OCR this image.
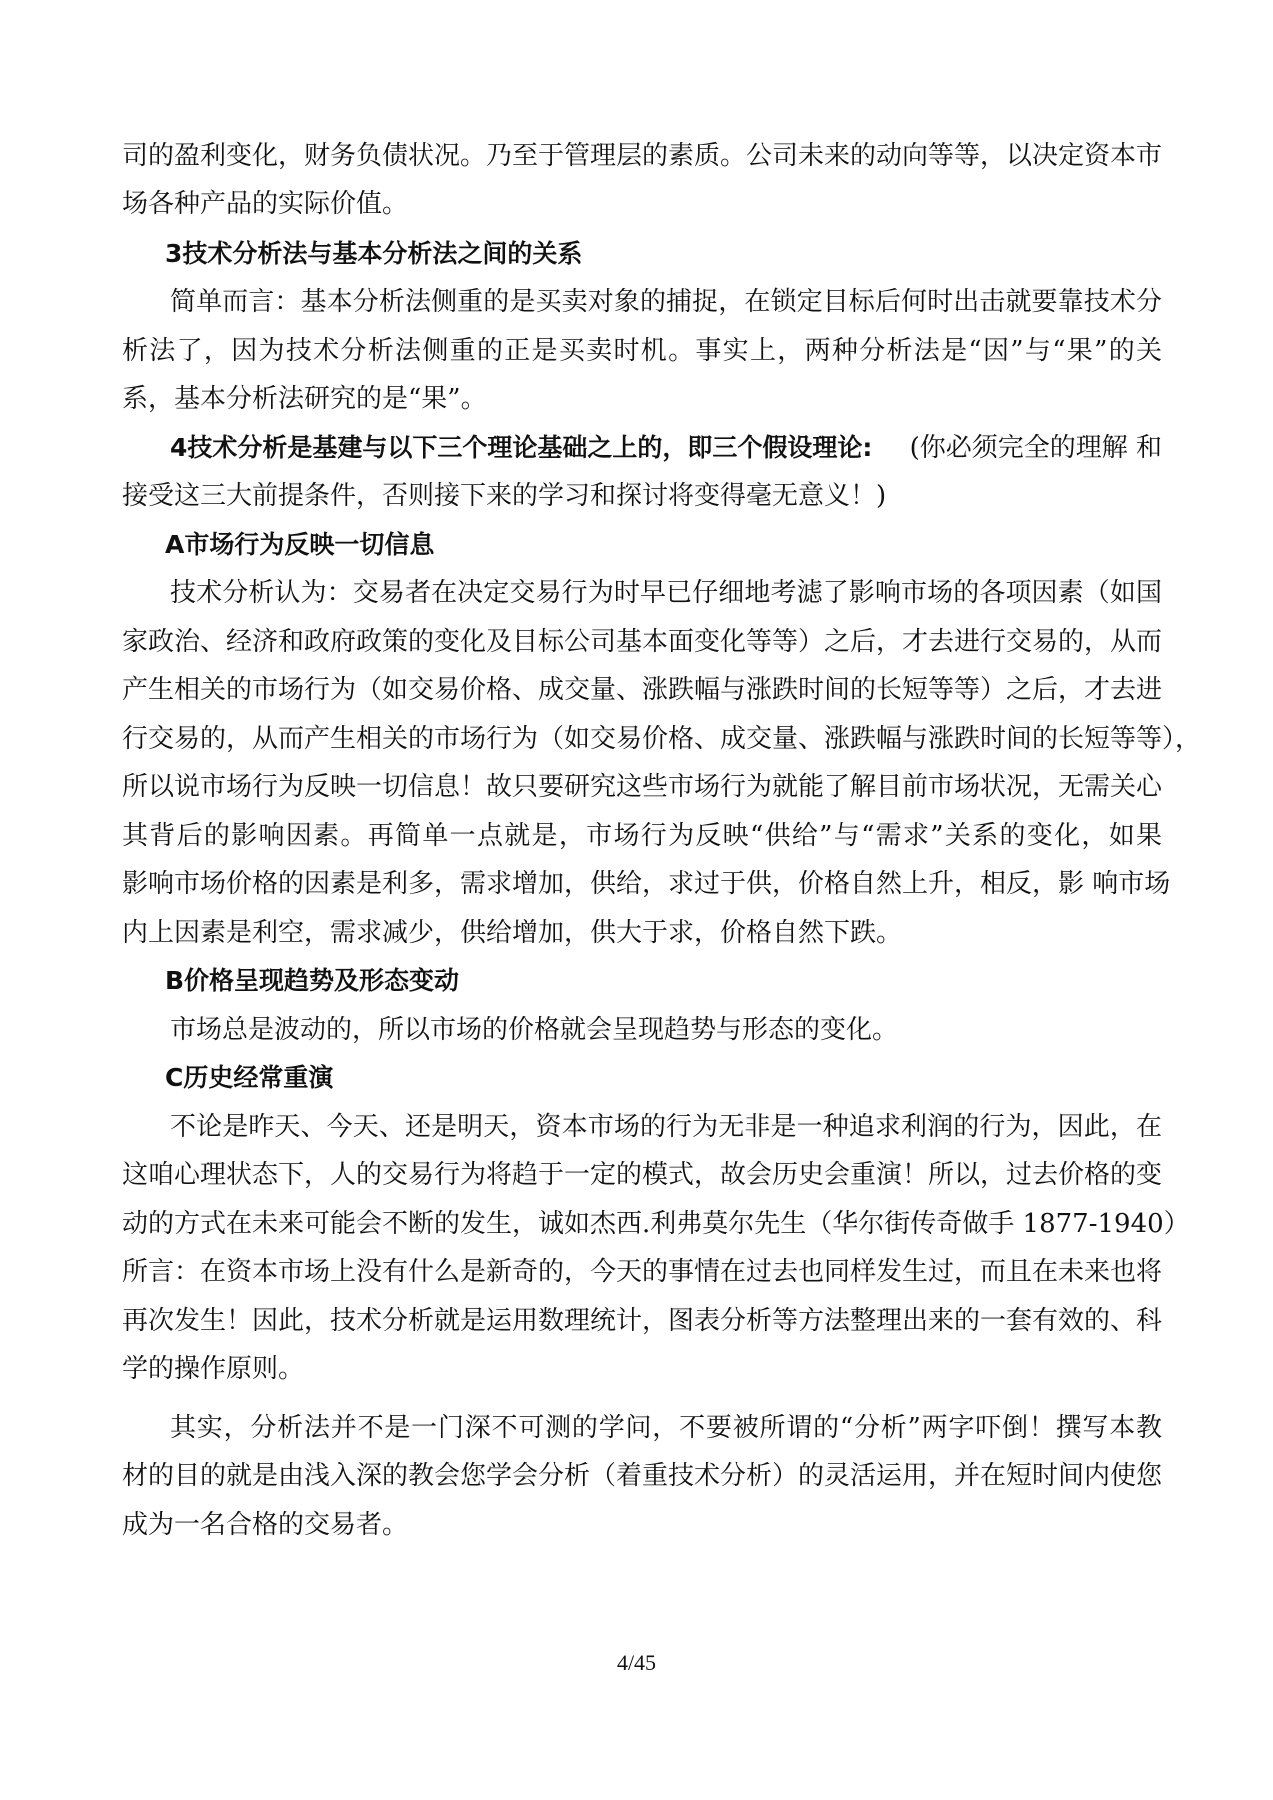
司的盈利变化，财务负债状况。乃至于管理层的素质。公司未来的动向等等，以决定资本市
场各种产品的实际价值。
3技术分析法与基本分析法之间的关系
简单而言：基本分析法侧重的是买卖对象的捕捉，在锁定目标后何时出击就要靠技术分
析法了，因为技术分析法侧重的正是买卖时机。事实上，两种分析法是“因”与“果”的关
系，基本分析法研究的是“果”。
4技术分析是基建与以下三个理论基础之上的，即三个假设理论: (你必须完全的理解 和
接受这三大前提条件，否则接下来的学习和探讨将变得毫无意义！)
A市场行为反映一切信息
技术分析认为：交易者在决定交易行为时早已仔细地考滤了影响市场的各项因素（如国
家政治、经济和政府政策的变化及目标公司基本面变化等等）之后，才去进行交易的，从而
产生相关的市场行为（如交易价格、成交量、涨跌幅与涨跌时间的长短等等）之后，才去进
行交易的，从而产生相关的市场行为（如交易价格、成交量、涨跌幅与涨跌时间的长短等等），
所以说市场行为反映一切信息！故只要研究这些市场行为就能了解目前市场状况，无需关心
其背后的影响因素。再简单一点就是，市场行为反映“供给”与“需求”关系的变化，如果
影响市场价格的因素是利多，需求增加，供给，求过于供，价格自然上升，相反，影 响市场
内上因素是利空，需求减少，供给增加，供大于求，价格自然下跌。
B价格呈现趋势及形态变动
市场总是波动的，所以市场的价格就会呈现趋势与形态的变化。
C历史经常重演
不论是昨天、今天、还是明天，资本市场的行为无非是一种追求利润的行为，因此，在
这咱心理状态下，人的交易行为将趋于一定的模式，故会历史会重演！所以，过去价格的变
动的方式在未来可能会不断的发生，诚如杰西.利弗莫尔先生（华尔街传奇做手 1877-1940）
所言：在资本市场上没有什么是新奇的，今天的事情在过去也同样发生过，而且在未来也将
再次发生！因此，技术分析就是运用数理统计，图表分析等方法整理出来的一套有效的、科
学的操作原则。
其实，分析法并不是一门深不可测的学问，不要被所谓的“分析”两字吓倒！撰写本教
材的目的就是由浅入深的教会您学会分析（着重技术分析）的灵活运用，并在短时间内使您
成为一名合格的交易者。
4/45
